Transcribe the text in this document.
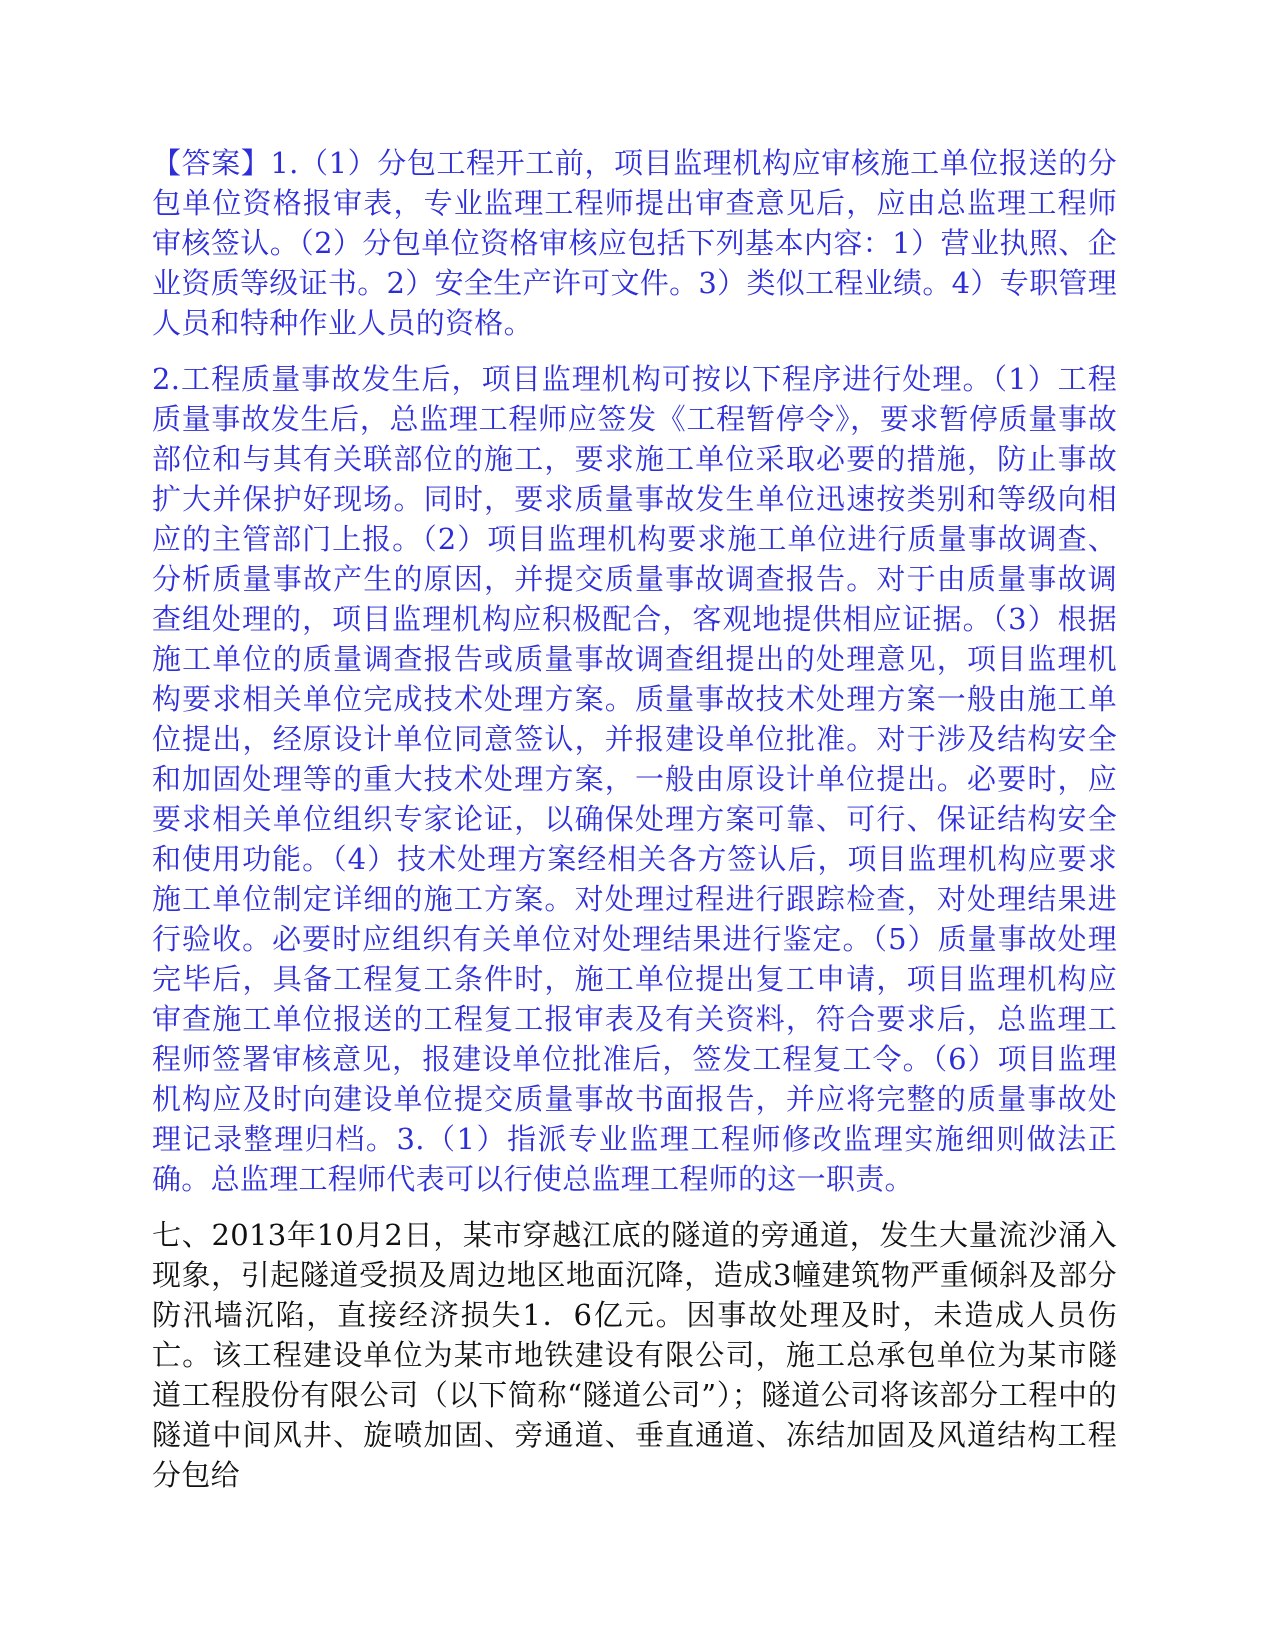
【答案】1.（1）分包工程开工前，项目监理机构应审核施工单位报送的分包单位资格报审表，专业监理工程师提出审查意见后，应由总监理工程师审核签认。（2）分包单位资格审核应包括下列基本内容：1）营业执照、企业资质等级证书。2）安全生产许可文件。3）类似工程业绩。4）专职管理人员和特种作业人员的资格。

2.工程质量事故发生后，项目监理机构可按以下程序进行处理。（1）工程质量事故发生后，总监理工程师应签发《工程暂停令》，要求暂停质量事故部位和与其有关联部位的施工，要求施工单位采取必要的措施，防止事故扩大并保护好现场。同时，要求质量事故发生单位迅速按类别和等级向相应的主管部门上报。（2）项目监理机构要求施工单位进行质量事故调查、分析质量事故产生的原因，并提交质量事故调查报告。对于由质量事故调查组处理的，项目监理机构应积极配合，客观地提供相应证据。（3）根据施工单位的质量调查报告或质量事故调查组提出的处理意见，项目监理机构要求相关单位完成技术处理方案。质量事故技术处理方案一般由施工单位提出，经原设计单位同意签认，并报建设单位批准。对于涉及结构安全和加固处理等的重大技术处理方案，一般由原设计单位提出。必要时，应要求相关单位组织专家论证，以确保处理方案可靠、可行、保证结构安全和使用功能。（4）技术处理方案经相关各方签认后，项目监理机构应要求施工单位制定详细的施工方案。对处理过程进行跟踪检查，对处理结果进行验收。必要时应组织有关单位对处理结果进行鉴定。（5）质量事故处理完毕后，具备工程复工条件时，施工单位提出复工申请，项目监理机构应审查施工单位报送的工程复工报审表及有关资料，符合要求后，总监理工程师签署审核意见，报建设单位批准后，签发工程复工令。（6）项目监理机构应及时向建设单位提交质量事故书面报告，并应将完整的质量事故处理记录整理归档。3.（1）指派专业监理工程师修改监理实施细则做法正确。总监理工程师代表可以行使总监理工程师的这一职责。

七、2013年10月2日，某市穿越江底的隧道的旁通道，发生大量流沙涌入现象，引起隧道受损及周边地区地面沉降，造成3幢建筑物严重倾斜及部分防汛墙沉陷，直接经济损失1．6亿元。因事故处理及时，未造成人员伤亡。该工程建设单位为某市地铁建设有限公司，施工总承包单位为某市隧道工程股份有限公司（以下简称“隧道公司”）；隧道公司将该部分工程中的隧道中间风井、旋喷加固、旁通道、垂直通道、冻结加固及风道结构工程分包给
